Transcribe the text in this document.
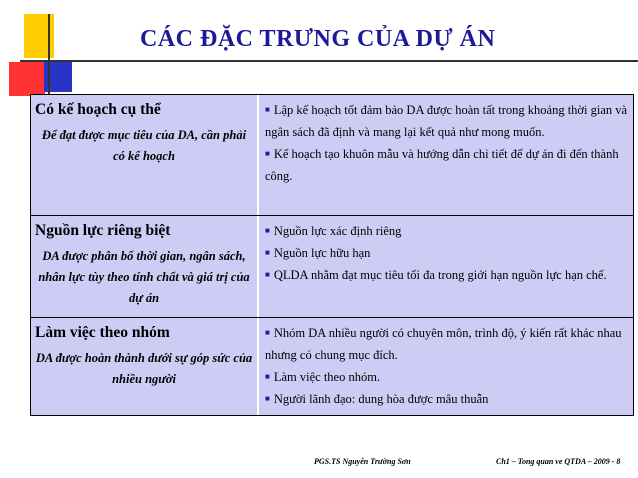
CÁC ĐẶC TRƯNG CỦA DỰ ÁN
Có kế hoạch cụ thể
Để đạt được mục tiêu của DA, cần phải có kế hoạch

■ Lập kế hoạch tốt đảm bảo DA được hoàn tất trong khoảng thời gian và ngân sách đã định và mang lại kết quả như mong muốn.

■ Kế hoạch tạo khuôn mẫu và hướng dẫn chi tiết để dự án đi đến thành công.

Nguồn lực riêng biệt
DA được phân bổ thời gian, ngân sách, nhân lực tùy theo tính chất và giá trị của dự án

■ Nguồn lực xác định riêng

■ Nguồn lực hữu hạn

■ QLDA nhằm đạt mục tiêu tối đa trong giới hạn nguồn lực hạn chế.

Làm việc theo nhóm
DA được hoàn thành dưới sự góp sức của nhiều người

■ Nhóm DA nhiều người có chuyên môn, trình độ, ý kiến rất khác nhau nhưng có chung mục đích.

■ Làm việc theo nhóm.

■ Người lãnh đạo: dung hòa được mâu thuẫn

PGS.TS Nguyễn Trường Sơn	Ch1 – Tong quan ve QTDA – 2009 - 8
